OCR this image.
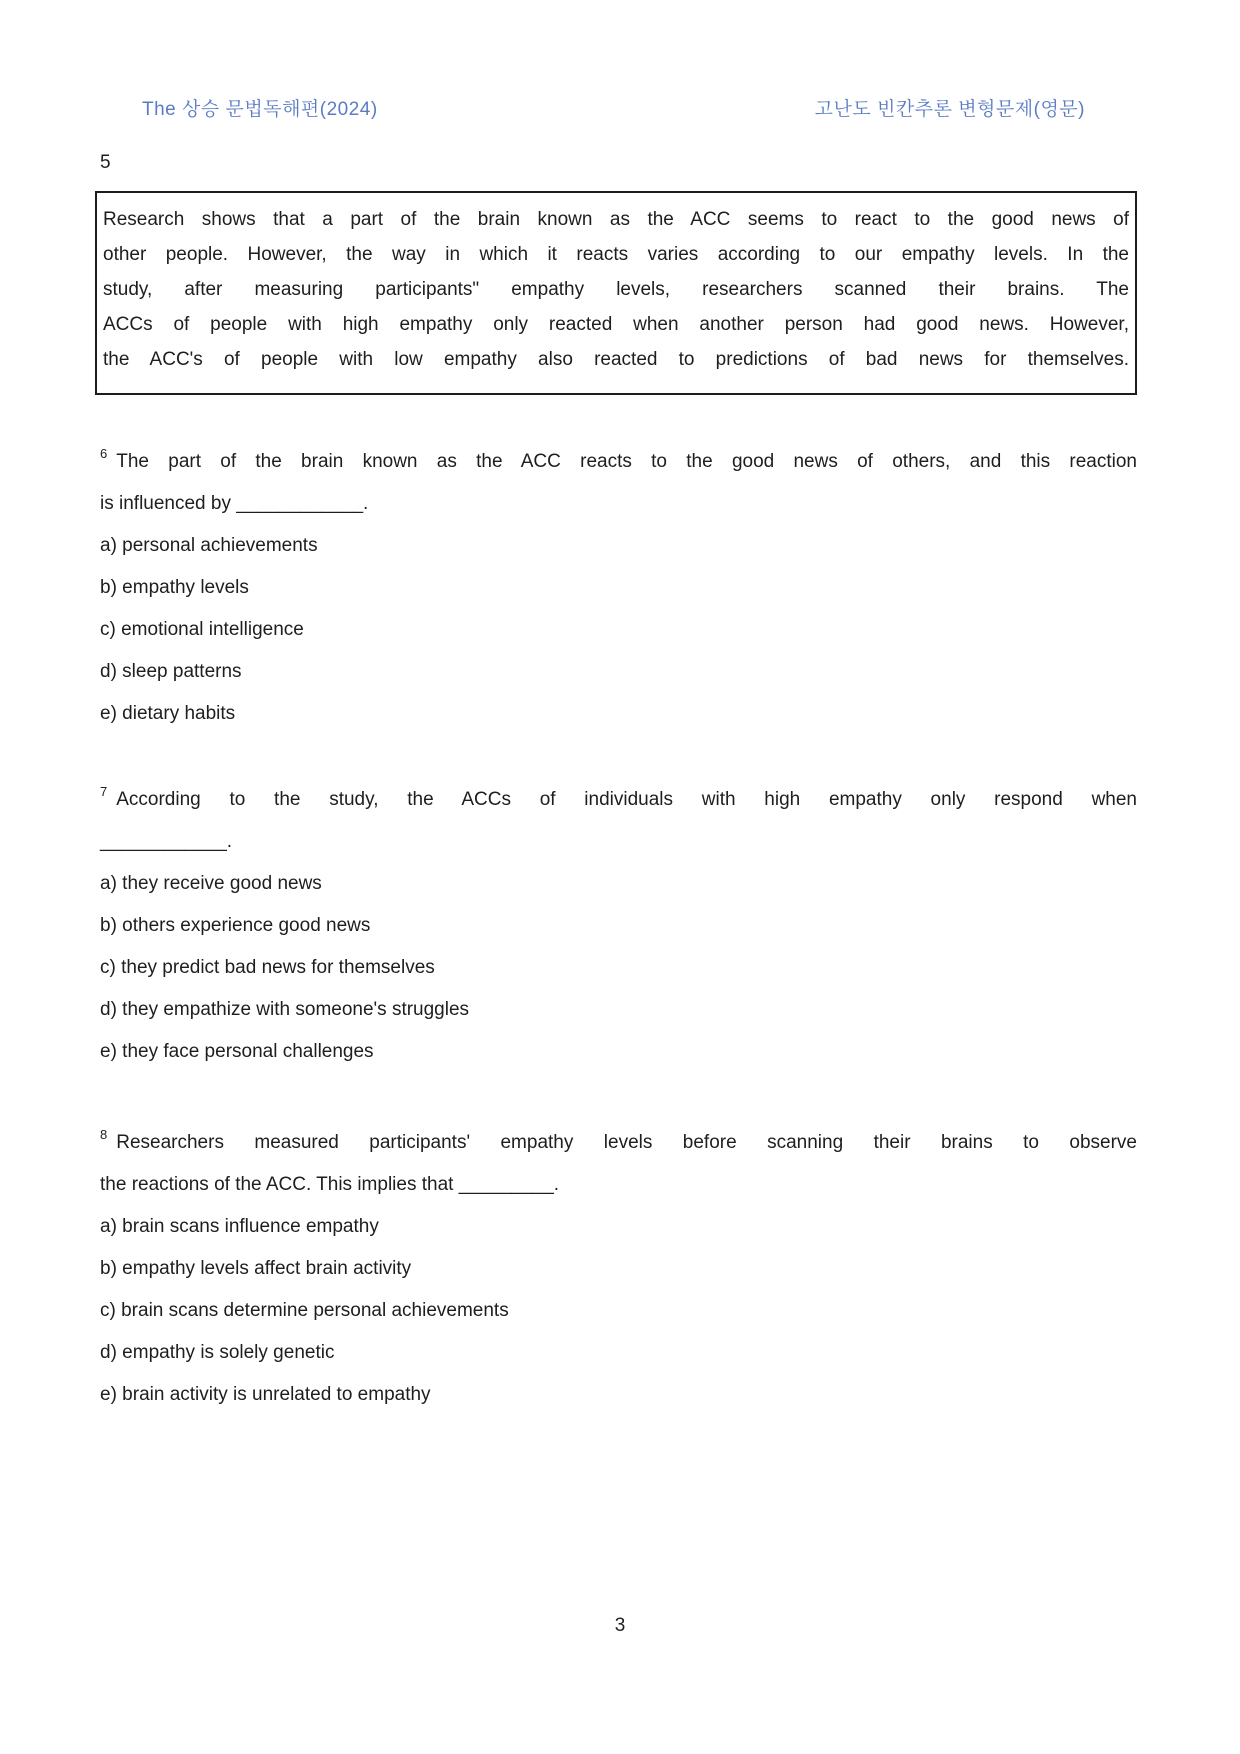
The 상승 문법독해편(2024)	고난도 빈칸추론 변형문제(영문)
5
Research shows that a part of the brain known as the ACC seems to react to the good news of
other people. However, the way in which it reacts varies according to our empathy levels. In the
study, after measuring participants" empathy levels, researchers scanned their brains. The
ACCs of people with high empathy only reacted when another person had good news. However,
the ACC's of people with low empathy also reacted to predictions of bad news for themselves.
$^6$ The part of the brain known as the ACC reacts to the good news of others, and this reaction
is influenced by ____________.
a) personal achievements
b) empathy levels
c) emotional intelligence
d) sleep patterns
e) dietary habits
$^7$ According to the study, the ACCs of individuals with high empathy only respond when
____________.
a) they receive good news
b) others experience good news
c) they predict bad news for themselves
d) they empathize with someone's struggles
e) they face personal challenges
$^8$ Researchers measured participants' empathy levels before scanning their brains to observe
the reactions of the ACC. This implies that _________.
a) brain scans influence empathy
b) empathy levels affect brain activity
c) brain scans determine personal achievements
d) empathy is solely genetic
e) brain activity is unrelated to empathy
3
